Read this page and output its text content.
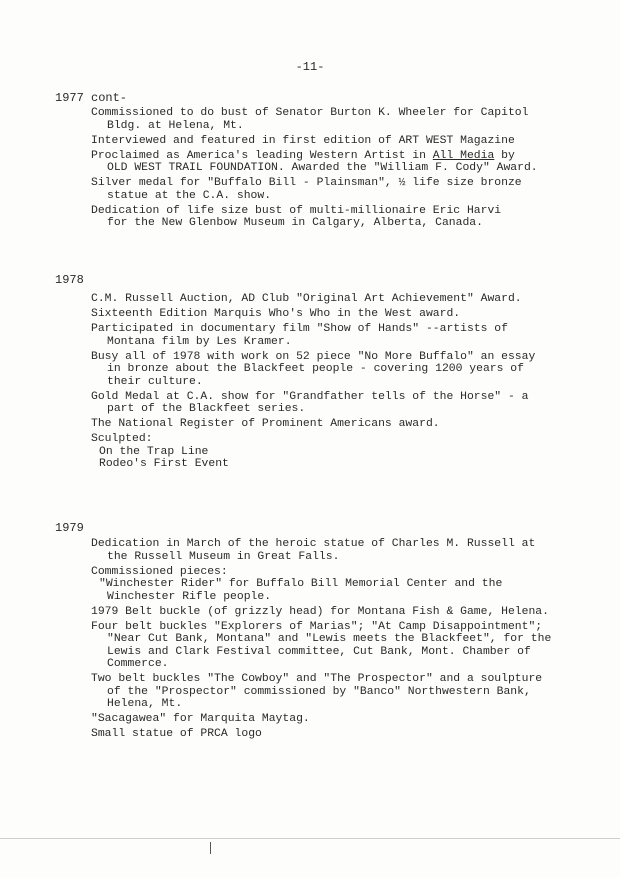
-11-
1977 cont-
Commissioned to do bust of Senator Burton K. Wheeler for Capitol
Bldg. at Helena, Mt.
Interviewed and featured in first edition of ART WEST Magazine
Proclaimed as America's leading Western Artist in All Media by
OLD WEST TRAIL FOUNDATION. Awarded the "William F. Cody" Award.
Silver medal for "Buffalo Bill - Plainsman", ½ life size bronze
statue at the C.A. show.
Dedication of life size bust of multi-millionaire Eric Harvi
for the New Glenbow Museum in Calgary, Alberta, Canada.
1978
C.M. Russell Auction, AD Club "Original Art Achievement" Award.
Sixteenth Edition Marquis Who's Who in the West award.
Participated in documentary film "Show of Hands" --artists of
Montana film by Les Kramer.
Busy all of 1978 with work on 52 piece "No More Buffalo" an essay
in bronze about the Blackfeet people - covering 1200 years of
their culture.
Gold Medal at C.A. show for "Grandfather tells of the Horse" - a
part of the Blackfeet series.
The National Register of Prominent Americans award.
Sculpted:
On the Trap Line
Rodeo's First Event
1979
Dedication in March of the heroic statue of Charles M. Russell at
the Russell Museum in Great Falls.
Commissioned pieces:
"Winchester Rider" for Buffalo Bill Memorial Center and the
Winchester Rifle people.
1979 Belt buckle (of grizzly head) for Montana Fish & Game, Helena.
Four belt buckles "Explorers of Marias"; "At Camp Disappointment";
"Near Cut Bank, Montana" and "Lewis meets the Blackfeet", for the
Lewis and Clark Festival committee, Cut Bank, Mont. Chamber of
Commerce.
Two belt buckles "The Cowboy" and "The Prospector" and a soulpture
of the "Prospector" commissioned by "Banco" Northwestern Bank,
Helena, Mt.
"Sacagawea" for Marquita Maytag.
Small statue of PRCA logo
